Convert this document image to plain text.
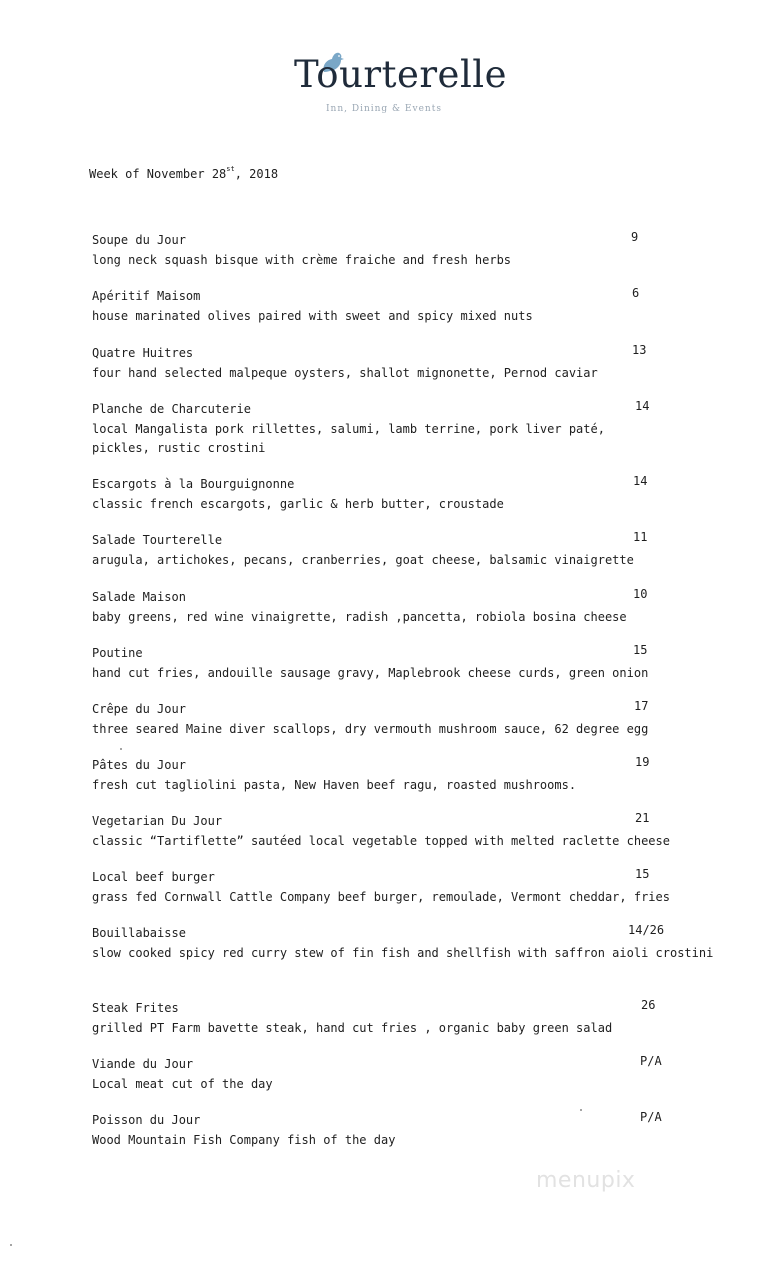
Tourterelle
Inn, Dining & Events
Week of November 28st, 2018
Soupe du Jour
long neck squash bisque with crème fraiche and fresh herbs
9
Apéritif Maisom
house marinated olives paired with sweet and spicy mixed nuts
6
Quatre Huitres
four hand selected malpeque oysters, shallot mignonette, Pernod caviar
13
Planche de Charcuterie
local Mangalista pork rillettes, salumi, lamb terrine, pork liver paté,
pickles, rustic crostini
14
Escargots à la Bourguignonne
classic french escargots, garlic & herb butter, croustade
14
Salade Tourterelle
arugula, artichokes, pecans, cranberries, goat cheese, balsamic vinaigrette
11
Salade Maison
baby greens, red wine vinaigrette, radish ,pancetta, robiola bosina cheese
10
Poutine
hand cut fries, andouille sausage gravy, Maplebrook cheese curds, green onion
15
Crêpe du Jour
three seared Maine diver scallops, dry vermouth mushroom sauce, 62 degree egg
17
Pâtes du Jour
fresh cut tagliolini pasta, New Haven beef ragu, roasted mushrooms.
19
Vegetarian Du Jour
classic “Tartiflette” sautéed local vegetable topped with melted raclette cheese
21
Local beef burger
grass fed Cornwall Cattle Company beef burger, remoulade, Vermont cheddar, fries
15
Bouillabaisse
slow cooked spicy red curry stew of fin fish and shellfish with saffron aioli crostini
14/26
Steak Frites
grilled PT Farm bavette steak, hand cut fries , organic baby green salad
26
Viande du Jour
Local meat cut of the day
P/A
Poisson du Jour
Wood Mountain Fish Company fish of the day
P/A
menupix
